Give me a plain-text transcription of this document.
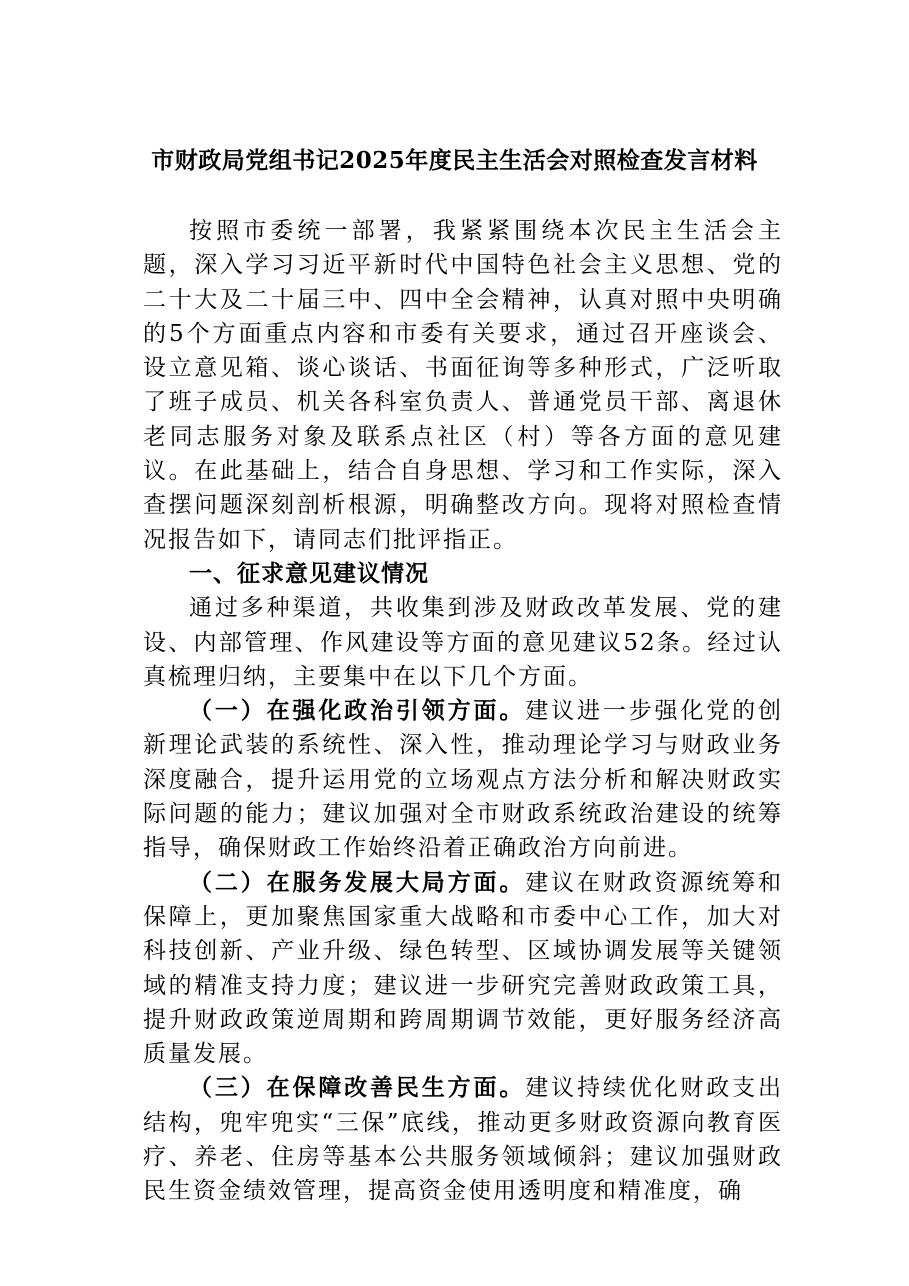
市财政局党组书记2025年度民主生活会对照检查发言材料

按照市委统一部署，我紧紧围绕本次民主生活会主题，深入学习习近平新时代中国特色社会主义思想、党的二十大及二十届三中、四中全会精神，认真对照中央明确的5个方面重点内容和市委有关要求，通过召开座谈会、设立意见箱、谈心谈话、书面征询等多种形式，广泛听取了班子成员、机关各科室负责人、普通党员干部、离退休老同志服务对象及联系点社区（村）等各方面的意见建议。在此基础上，结合自身思想、学习和工作实际，深入查摆问题深刻剖析根源，明确整改方向。现将对照检查情况报告如下，请同志们批评指正。

一、征求意见建议情况

通过多种渠道，共收集到涉及财政改革发展、党的建设、内部管理、作风建设等方面的意见建议52条。经过认真梳理归纳，主要集中在以下几个方面。

（一）在强化政治引领方面。建议进一步强化党的创新理论武装的系统性、深入性，推动理论学习与财政业务深度融合，提升运用党的立场观点方法分析和解决财政实际问题的能力；建议加强对全市财政系统政治建设的统筹指导，确保财政工作始终沿着正确政治方向前进。

（二）在服务发展大局方面。建议在财政资源统筹和保障上，更加聚焦国家重大战略和市委中心工作，加大对科技创新、产业升级、绿色转型、区域协调发展等关键领域的精准支持力度；建议进一步研究完善财政政策工具，提升财政政策逆周期和跨周期调节效能，更好服务经济高质量发展。

（三）在保障改善民生方面。建议持续优化财政支出结构，兜牢兜实“三保”底线，推动更多财政资源向教育医疗、养老、住房等基本公共服务领域倾斜；建议加强财政民生资金绩效管理，提高资金使用透明度和精准度，确
